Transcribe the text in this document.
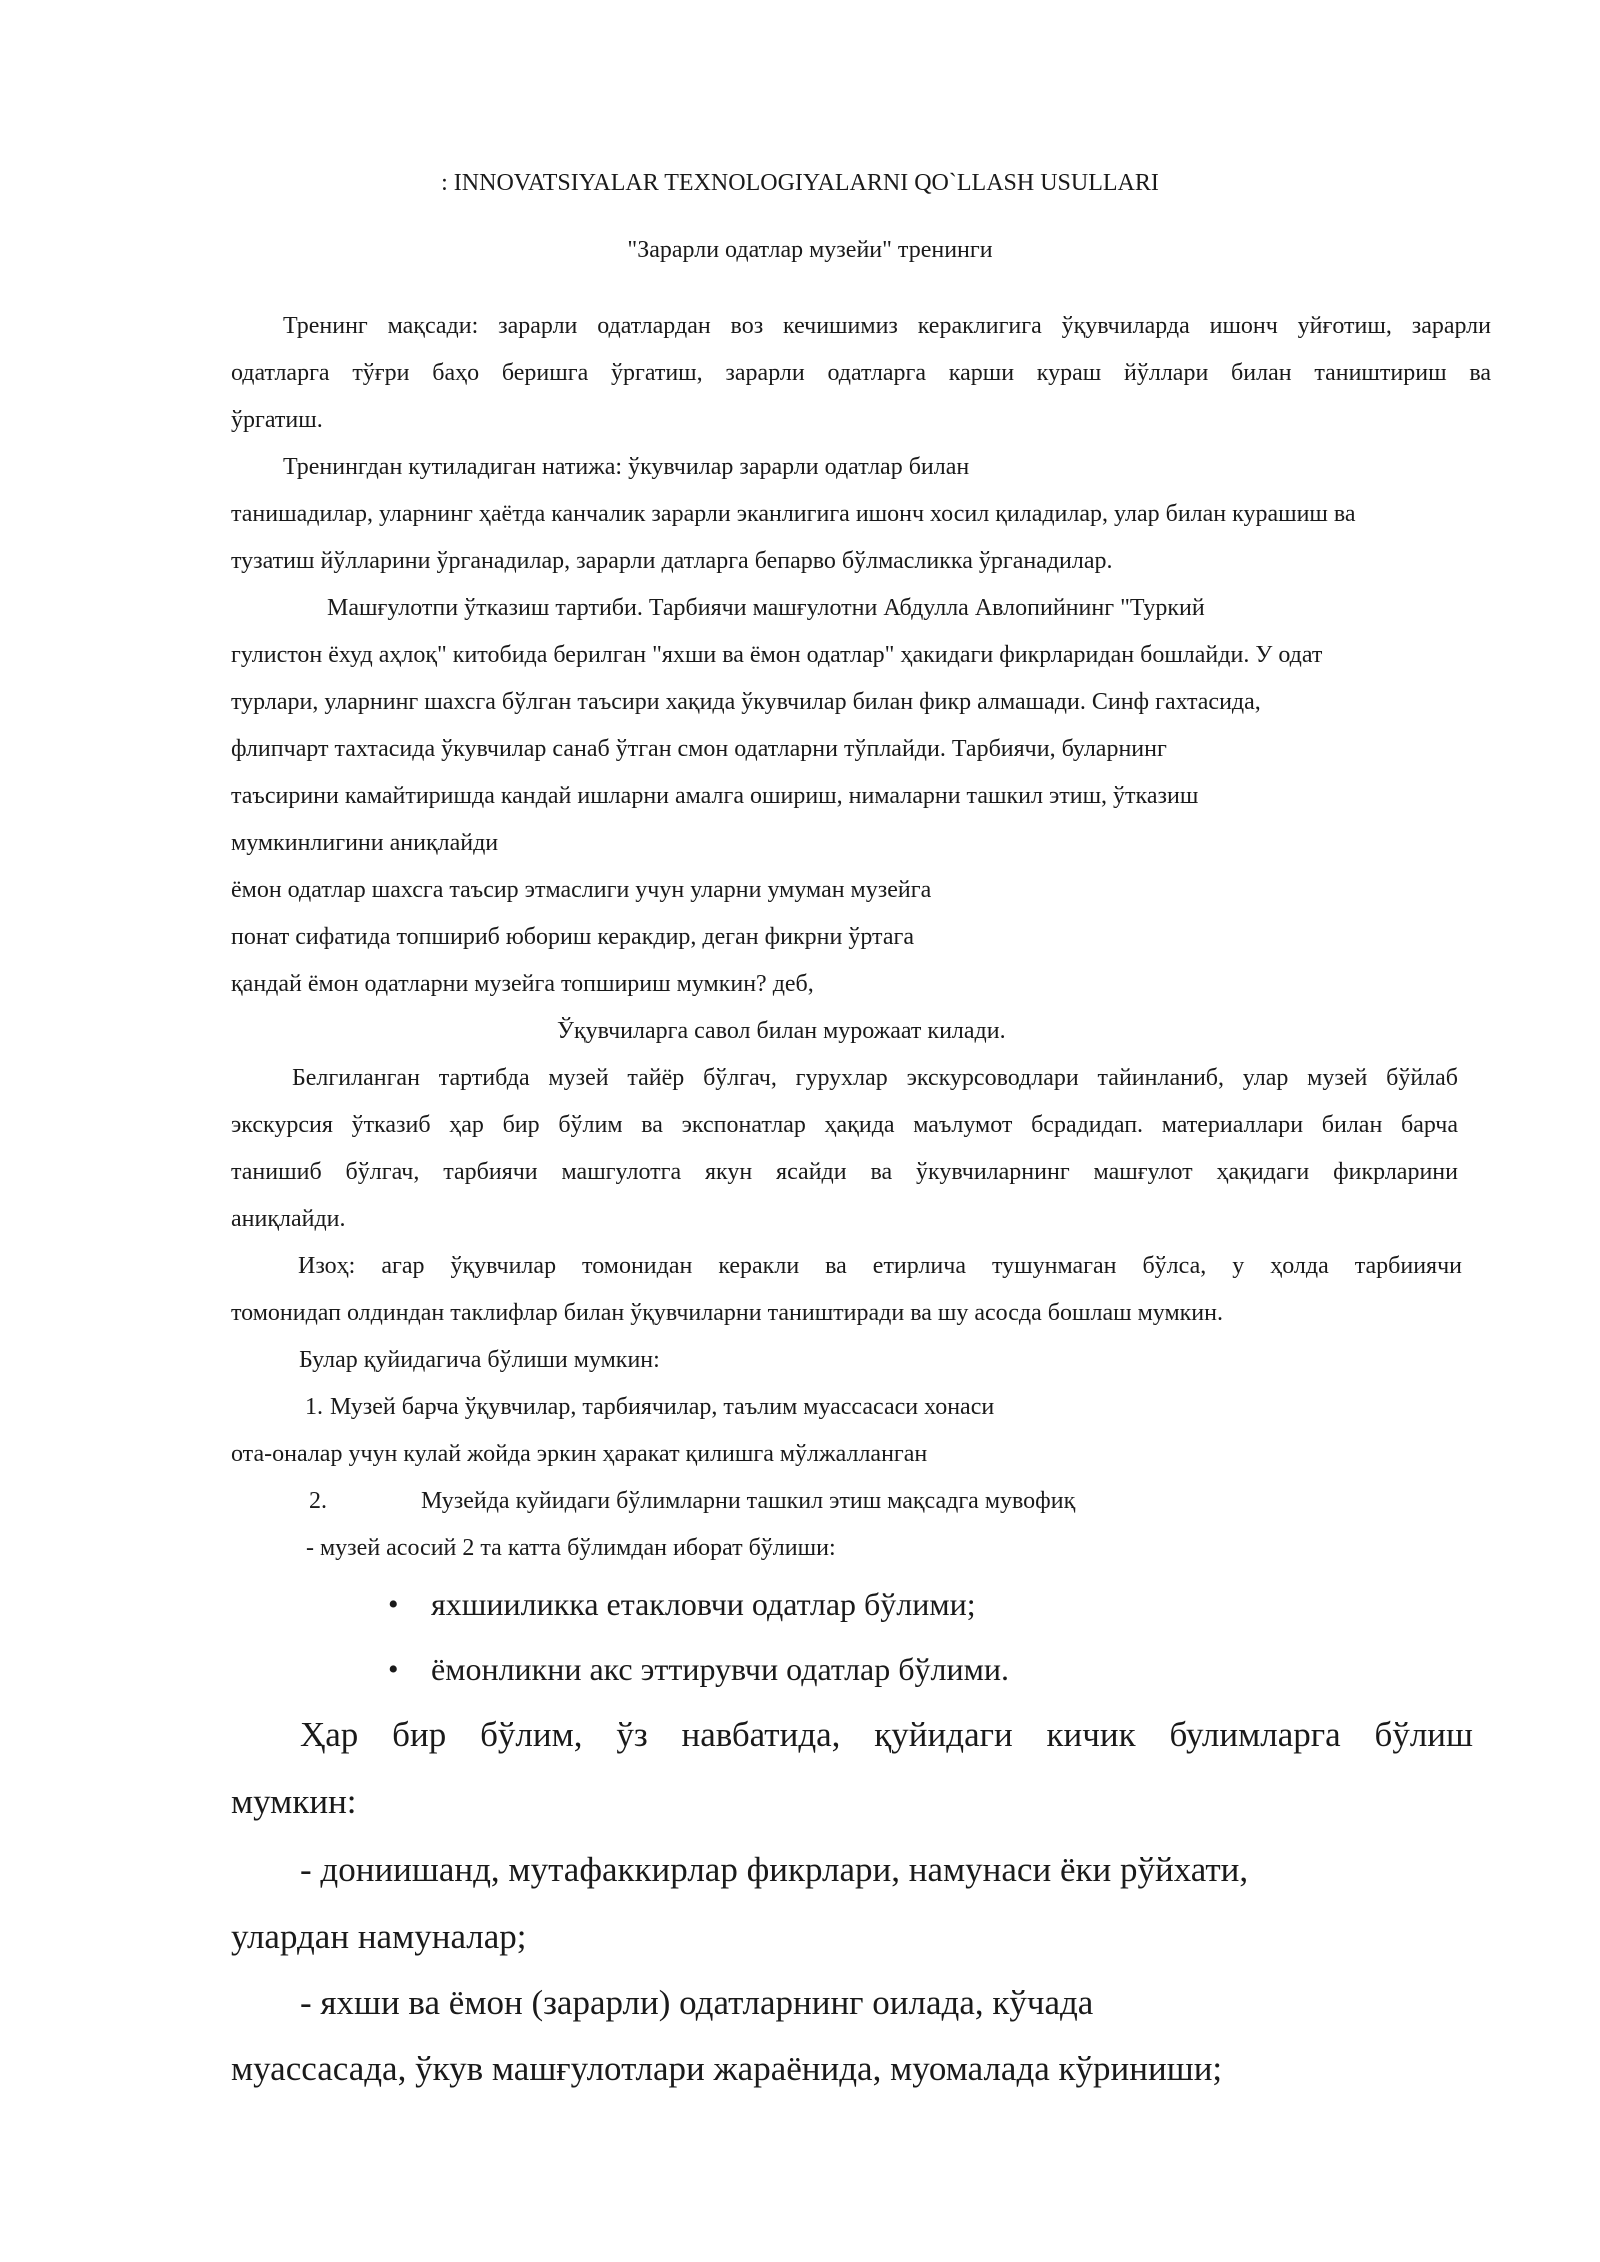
: INNOVATSIYALAR TEXNOLOGIYALARNI QO`LLASH USULLARI
"Зарарли одатлар музейи" тренинги
Тренинг мақсади: зарарли одатлардан воз кечишимиз кераклигига ўқувчиларда ишонч уйғотиш, зарарли
одатларга тўғри баҳо беришга ўргатиш, зарарли одатларга карши кураш йўллари билан таништириш ва
ўргатиш.
Тренингдан кутиладиган натижа: ўкувчилар зарарли одатлар билан
танишадилар, уларнинг ҳаётда канчалик зарарли эканлигига ишонч хосил қиладилар, улар билан курашиш ва
тузатиш йўлларини ўрганадилар, зарарли датларга бепарво бўлмасликка ўрганадилар.
Машғулотпи ўтказиш тартиби. Тарбиячи машғулотни Абдулла Авлопийнинг "Туркий
гулистон ёхуд аҳлоқ" китобида берилган "яхши ва ёмон одатлар" ҳакидаги фикрларидан бошлайди. У одат
турлари, уларнинг шахсга бўлган таъсири хақида ўкувчилар билан фикр алмашади. Синф гахтасида,
флипчарт тахтасида ўкувчилар санаб ўтган смон одатларни тўплайди. Тарбиячи, буларнинг
таъсирини камайтиришда кандай ишларни амалга ошириш, нималарни ташкил этиш, ўтказиш
мумкинлигини аниқлайди
ёмон одатлар шахсга таъсир этмаслиги учун уларни умуман музейга
понат сифатида топшириб юбориш керакдир, деган фикрни ўртага
қандай ёмон одатларни музейга топшириш мумкин? деб,
Ўқувчиларга савол билан мурожаат килади.
Белгиланган тартибда музей тайёр бўлгач, гурухлар экскурсоводлари тайинланиб, улар музей бўйлаб
экскурсия ўтказиб ҳар бир бўлим ва экспонатлар ҳақида маълумот бсрадидап. материаллари билан барча
танишиб бўлгач, тарбиячи машгулотга якун ясайди ва ўкувчиларнинг машғулот ҳақидаги фикрларини
аниқлайди.
Изоҳ: агар ўқувчилар томонидан керакли ва етирлича тушунмаган бўлса, у ҳолда тарбииячи
томонидап олдиндан таклифлар билан ўқувчиларни таништиради ва шу асосда бошлаш мумкин.
Булар қуйидагича бўлиши мумкин:
1. Музей барча ўқувчилар, тарбиячилар, таълим муассасаси хонаси
ота-оналар учун кулай жойда эркин ҳаракат қилишга мўлжалланган
2.	Музейда куйидаги бўлимларни ташкил этиш мақсадга мувофиқ
- музей асосий 2 та катта бўлимдан иборат бўлиши:
• яхшииликка етакловчи одатлар бўлими;
• ёмонликни акс эттирувчи одатлар бўлими.
Ҳар бир бўлим, ўз навбатида, қуйидаги кичик булимларга бўлиш
мумкин:
- дониишанд, мутафаккирлар фикрлари, намунаси ёки рўйхати,
улардан намуналар;
- яхши ва ёмон (зарарли) одатларнинг оилада, кўчада
муассасада, ўкув машғулотлари жараёнида, муомалада кўриниши;
